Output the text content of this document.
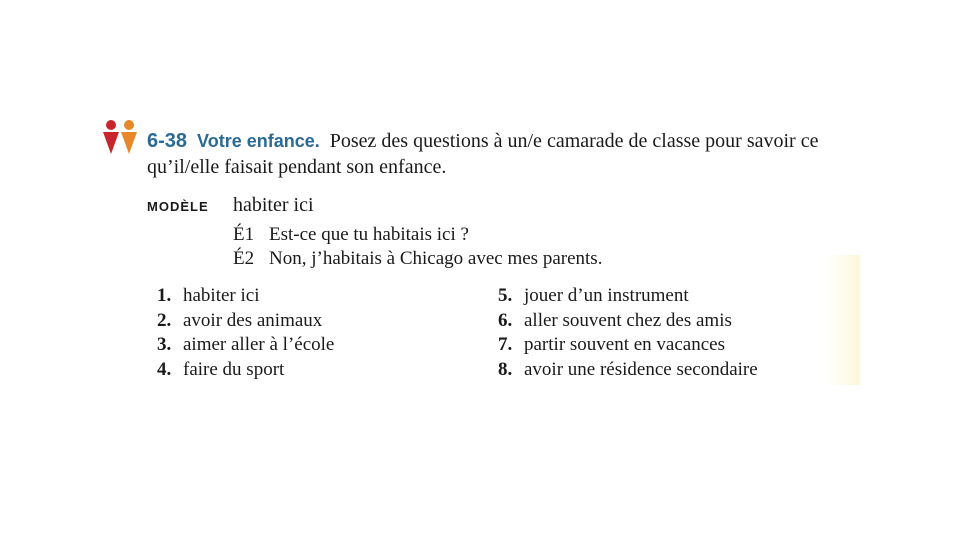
6-38 Votre enfance. Posez des questions à un/e camarade de classe pour savoir ce qu’il/elle faisait pendant son enfance.
MODÈLE habiter ici
É1 Est-ce que tu habitais ici ?
É2 Non, j’habitais à Chicago avec mes parents.
1. habiter ici
2. avoir des animaux
3. aimer aller à l’école
4. faire du sport
5. jouer d’un instrument
6. aller souvent chez des amis
7. partir souvent en vacances
8. avoir une résidence secondaire
